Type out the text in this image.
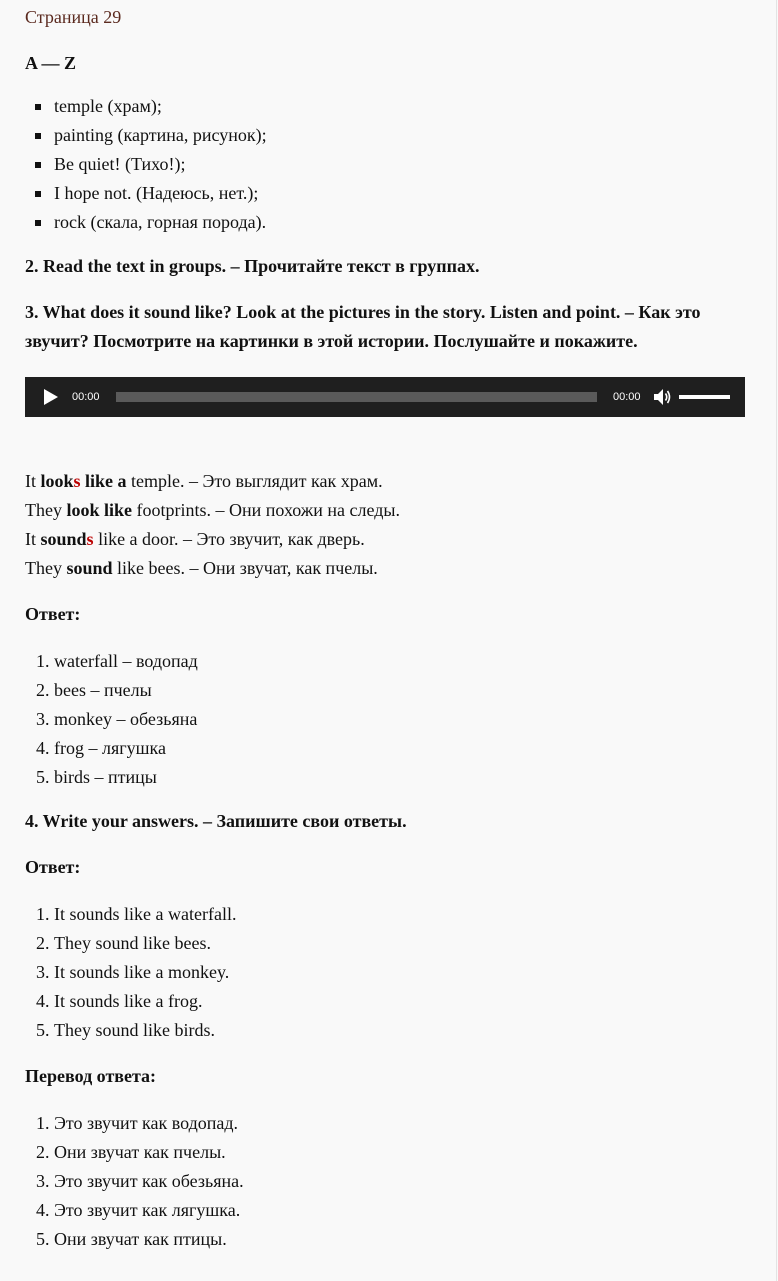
Страница 29

A — Z

temple (храм);
painting (картина, рисунок);
Be quiet! (Тихо!);
I hope not. (Надеюсь, нет.);
rock (скала, горная порода).

2. Read the text in groups. – Прочитайте текст в группах.

3. What does it sound like? Look at the pictures in the story. Listen and point. – Как это звучит? Посмотрите на картинки в этой истории. Послушайте и покажите.

00:00	00:00

It looks like a temple. – Это выглядит как храм.

They look like footprints. – Они похожи на следы.

It sounds like a door. – Это звучит, как дверь.

They sound like bees. – Они звучат, как пчелы.

Ответ:

1. waterfall – водопад
2. bees – пчелы
3. monkey – обезьяна
4. frog – лягушка
5. birds – птицы

4. Write your answers. – Запишите свои ответы.

Ответ:

1. It sounds like a waterfall.
2. They sound like bees.
3. It sounds like a monkey.
4. It sounds like a frog.
5. They sound like birds.

Перевод ответа:

1. Это звучит как водопад.
2. Они звучат как пчелы.
3. Это звучит как обезьяна.
4. Это звучит как лягушка.
5. Они звучат как птицы.
